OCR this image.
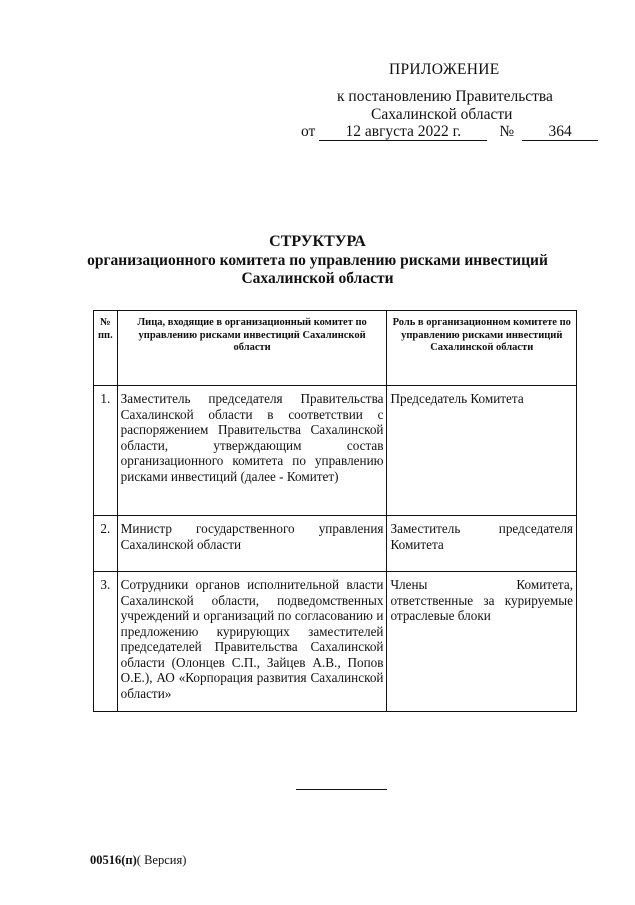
ПРИЛОЖЕНИЕ
к постановлению Правительства
Сахалинской области
от 12 августа 2022 г. № 364
СТРУКТУРА
организационного комитета по управлению рисками инвестиций
Сахалинской области
№ пп.	Лица, входящие в организационный комитет по управлению рисками инвестиций Сахалинской области	Роль в организационном комитете по управлению рисками инвестиций Сахалинской области
1.	Заместитель председателя Правительства Сахалинской области в соответствии с распоряжением Правительства Сахалинской области, утверждающим состав организационного комитета по управлению рисками инвестиций (далее - Комитет)	Председатель Комитета
2.	Министр государственного управления Сахалинской области	Заместитель председателя Комитета
3.	Сотрудники органов исполнительной власти Сахалинской области, подведомственных учреждений и организаций по согласованию и предложению курирующих заместителей председателей Правительства Сахалинской области (Олонцев С.П., Зайцев А.В., Попов О.Е.), АО «Корпорация развития Сахалинской области»	Члены Комитета, ответственные за курируемые отраслевые блоки
00516(п)( Версия)
